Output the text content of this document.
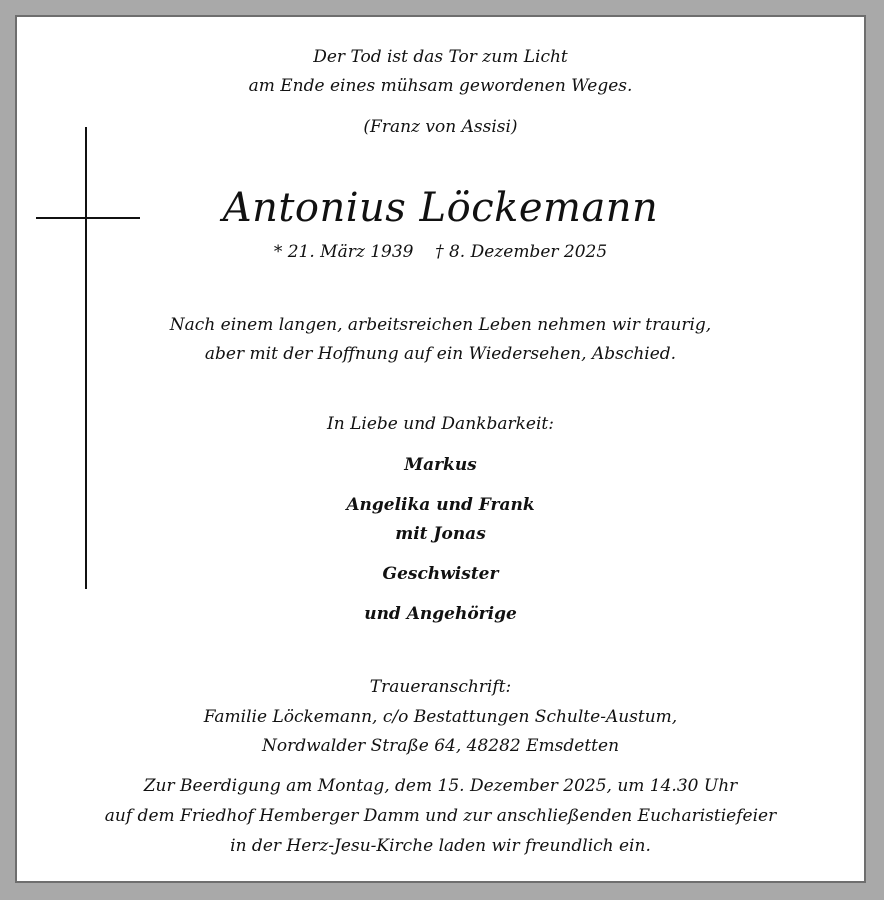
Der Tod ist das Tor zum Licht
am Ende eines mühsam gewordenen Weges.
(Franz von Assisi)
Antonius Löckemann
* 21. März 1939    † 8. Dezember 2025
Nach einem langen, arbeitsreichen Leben nehmen wir traurig,
aber mit der Hoffnung auf ein Wiedersehen, Abschied.
In Liebe und Dankbarkeit:
Markus
Angelika und Frank
mit Jonas
Geschwister
und Angehörige
Traueranschrift:
Familie Löckemann, c/o Bestattungen Schulte-Austum,
Nordwalder Straße 64, 48282 Emsdetten
Zur Beerdigung am Montag, dem 15. Dezember 2025, um 14.30 Uhr
auf dem Friedhof Hemberger Damm und zur anschließenden Eucharistiefeier
in der Herz-Jesu-Kirche laden wir freundlich ein.
